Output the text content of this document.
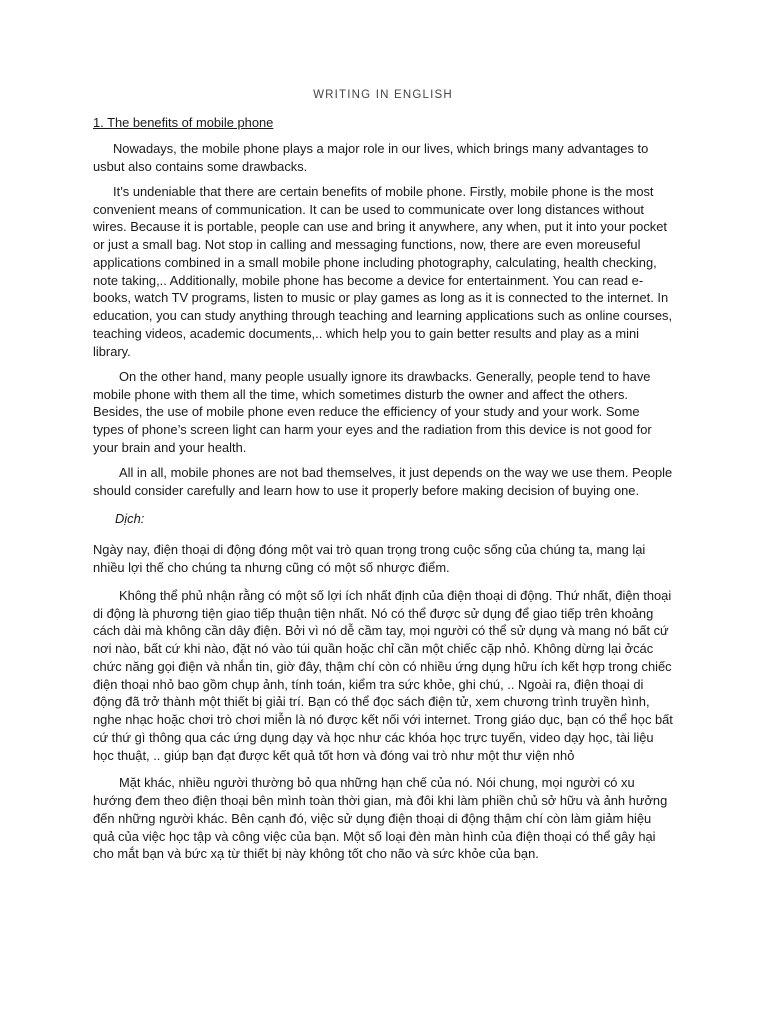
WRITING IN ENGLISH
1. The benefits of mobile phone

Nowadays, the mobile phone plays a major role in our lives, which brings many advantages to usbut also contains some drawbacks.

It’s undeniable that there are certain benefits of mobile phone. Firstly, mobile phone is the most convenient means of communication. It can be used to communicate over long distances without wires. Because it is portable, people can use and bring it anywhere, any when, put it into your pocket or just a small bag. Not stop in calling and messaging functions, now, there are even moreuseful applications combined in a small mobile phone including photography, calculating, health checking, note taking,.. Additionally, mobile phone has become a device for entertainment. You can read e-books, watch TV programs, listen to music or play games as long as it is connected to the internet. In education, you can study anything through teaching and learning applications such as online courses, teaching videos, academic documents,.. which help you to gain better results and play as a mini library.

On the other hand, many people usually ignore its drawbacks. Generally, people tend to have mobile phone with them all the time, which sometimes disturb the owner and affect the others. Besides, the use of mobile phone even reduce the efficiency of your study and your work. Some types of phone’s screen light can harm your eyes and the radiation from this device is not good for your brain and your health.

All in all, mobile phones are not bad themselves, it just depends on the way we use them. People should consider carefully and learn how to use it properly before making decision of buying one.

Dịch:

Ngày nay, điện thoại di động đóng một vai trò quan trọng trong cuộc sống của chúng ta, mang lại nhiều lợi thế cho chúng ta nhưng cũng có một số nhược điểm.

Không thể phủ nhận rằng có một số lợi ích nhất định của điện thoại di động. Thứ nhất, điện thoại di động là phương tiện giao tiếp thuận tiện nhất. Nó có thể được sử dụng để giao tiếp trên khoảng cách dài mà không cần dây điện. Bởi vì nó dễ cầm tay, mọi người có thể sử dụng và mang nó bất cứ nơi nào, bất cứ khi nào, đặt nó vào túi quần hoặc chỉ cần một chiếc cặp nhỏ. Không dừng lại ởcác chức năng gọi điện và nhắn tin, giờ đây, thậm chí còn có nhiều ứng dụng hữu ích kết hợp trong chiếc điện thoại nhỏ bao gồm chụp ảnh, tính toán, kiểm tra sức khỏe, ghi chú, .. Ngoài ra, điện thoại di động đã trở thành một thiết bị giải trí. Bạn có thể đọc sách điện tử, xem chương trình truyền hình, nghe nhạc hoặc chơi trò chơi miễn là nó được kết nối với internet. Trong giáo dục, bạn có thể học bất cứ thứ gì thông qua các ứng dụng dạy và học như các khóa học trực tuyến, video dạy học, tài liệu học thuật, .. giúp bạn đạt được kết quả tốt hơn và đóng vai trò như một thư viện nhỏ

Mặt khác, nhiều người thường bỏ qua những hạn chế của nó. Nói chung, mọi người có xu hướng đem theo điện thoại bên mình toàn thời gian, mà đôi khi làm phiền chủ sở hữu và ảnh hưởng đến những người khác. Bên cạnh đó, việc sử dụng điện thoại di động thậm chí còn làm giảm hiệu quả của việc học tập và công việc của bạn. Một số loại đèn màn hình của điện thoại có thể gây hại cho mắt bạn và bức xạ từ thiết bị này không tốt cho não và sức khỏe của bạn.
